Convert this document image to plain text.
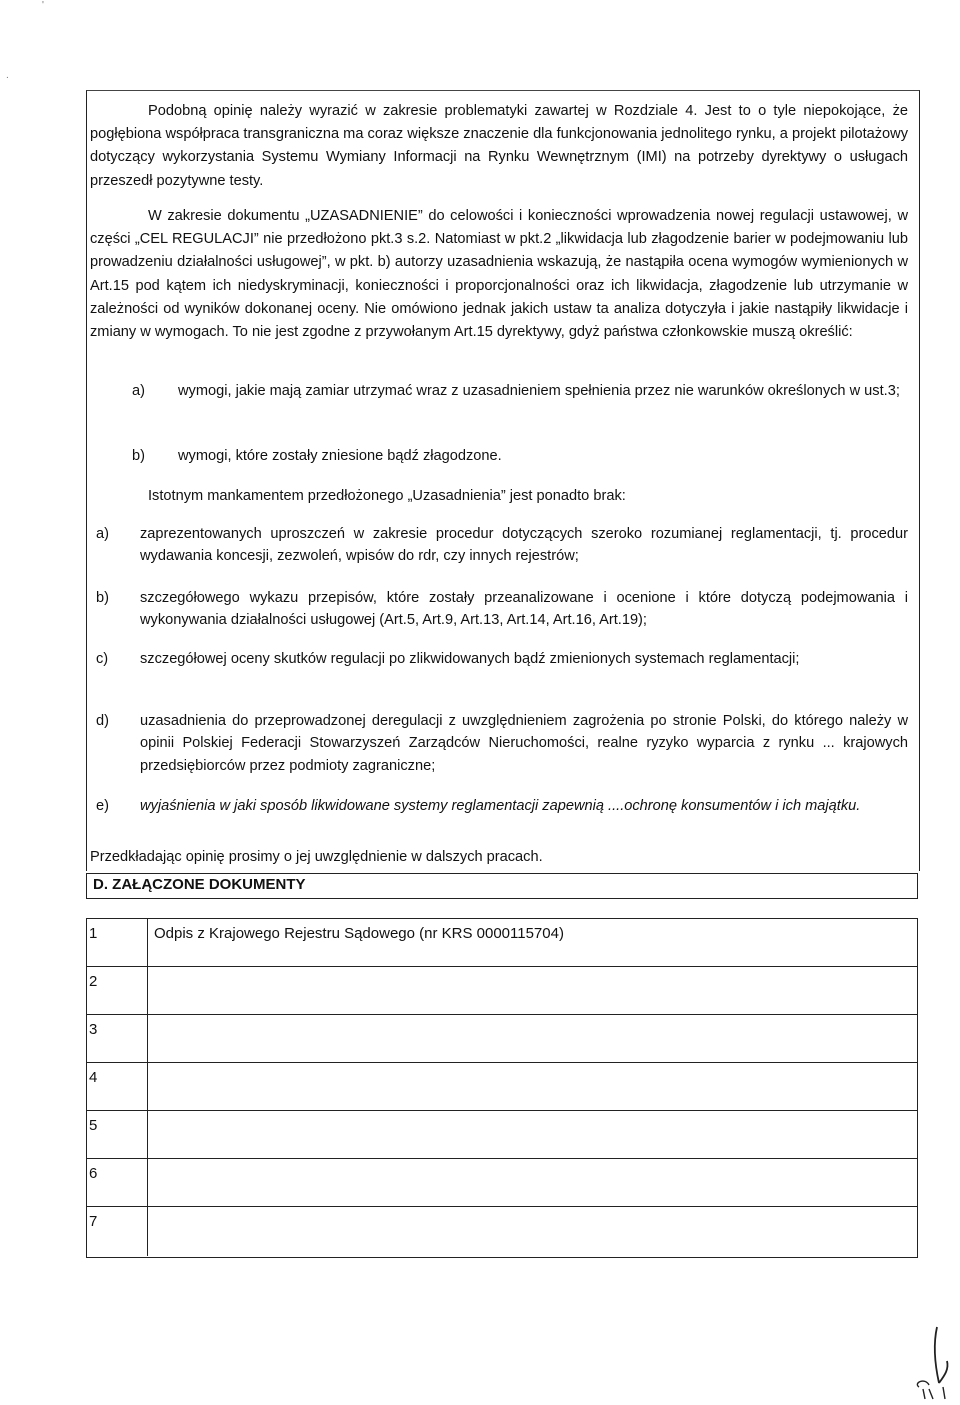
'
.

Podobną opinię należy wyrazić w zakresie problematyki zawartej w Rozdziale 4. Jest to o tyle niepokojące, że pogłębiona współpraca transgraniczna ma coraz większe znaczenie dla funkcjonowania jednolitego rynku, a projekt pilotażowy dotyczący wykorzystania Systemu Wymiany Informacji na Rynku Wewnętrznym (IMI) na potrzeby dyrektywy o usługach przeszedł pozytywne testy.

W zakresie dokumentu „UZASADNIENIE” do celowości i konieczności wprowadzenia nowej regulacji ustawowej, w części „CEL REGULACJI” nie przedłożono pkt.3 s.2. Natomiast w pkt.2 „likwidacja lub złagodzenie barier w podejmowaniu lub prowadzeniu działalności usługowej”, w pkt. b) autorzy uzasadnienia wskazują, że nastąpiła ocena wymogów wymienionych w Art.15 pod kątem ich niedyskryminacji, konieczności i proporcjonalności oraz ich likwidacja, złagodzenie lub utrzymanie w zależności od wyników dokonanej oceny. Nie omówiono jednak jakich ustaw ta analiza dotyczyła i jakie nastąpiły likwidacje i zmiany w wymogach. To nie jest zgodne z przywołanym Art.15 dyrektywy, gdyż państwa członkowskie muszą określić:

a) wymogi, jakie mają zamiar utrzymać wraz z uzasadnieniem spełnienia przez nie warunków określonych w ust.3;
b) wymogi, które zostały zniesione bądź złagodzone.

Istotnym mankamentem przedłożonego „Uzasadnienia” jest ponadto brak:

a) zaprezentowanych uproszczeń w zakresie procedur dotyczących szeroko rozumianej reglamentacji, tj. procedur wydawania koncesji, zezwoleń, wpisów do rdr, czy innych rejestrów;
b) szczegółowego wykazu przepisów, które zostały przeanalizowane i ocenione i które dotyczą podejmowania i wykonywania działalności usługowej (Art.5, Art.9, Art.13, Art.14, Art.16, Art.19);
c) szczegółowej oceny skutków regulacji po zlikwidowanych bądź zmienionych systemach reglamentacji;
d) uzasadnienia do przeprowadzonej deregulacji z uwzględnieniem zagrożenia po stronie Polski, do którego należy w opinii Polskiej Federacji Stowarzyszeń Zarządców Nieruchomości, realne ryzyko wyparcia z rynku ... krajowych przedsiębiorców przez podmioty zagraniczne;
e) wyjaśnienia w jaki sposób likwidowane systemy reglamentacji zapewnią ....ochronę konsumentów i ich majątku.

Przedkładając opinię prosimy o jej uwzględnienie w dalszych pracach.

D. ZAŁĄCZONE DOKUMENTY
1	Odpis z Krajowego Rejestru Sądowego (nr KRS 0000115704)
2
3
4
5
6
7
